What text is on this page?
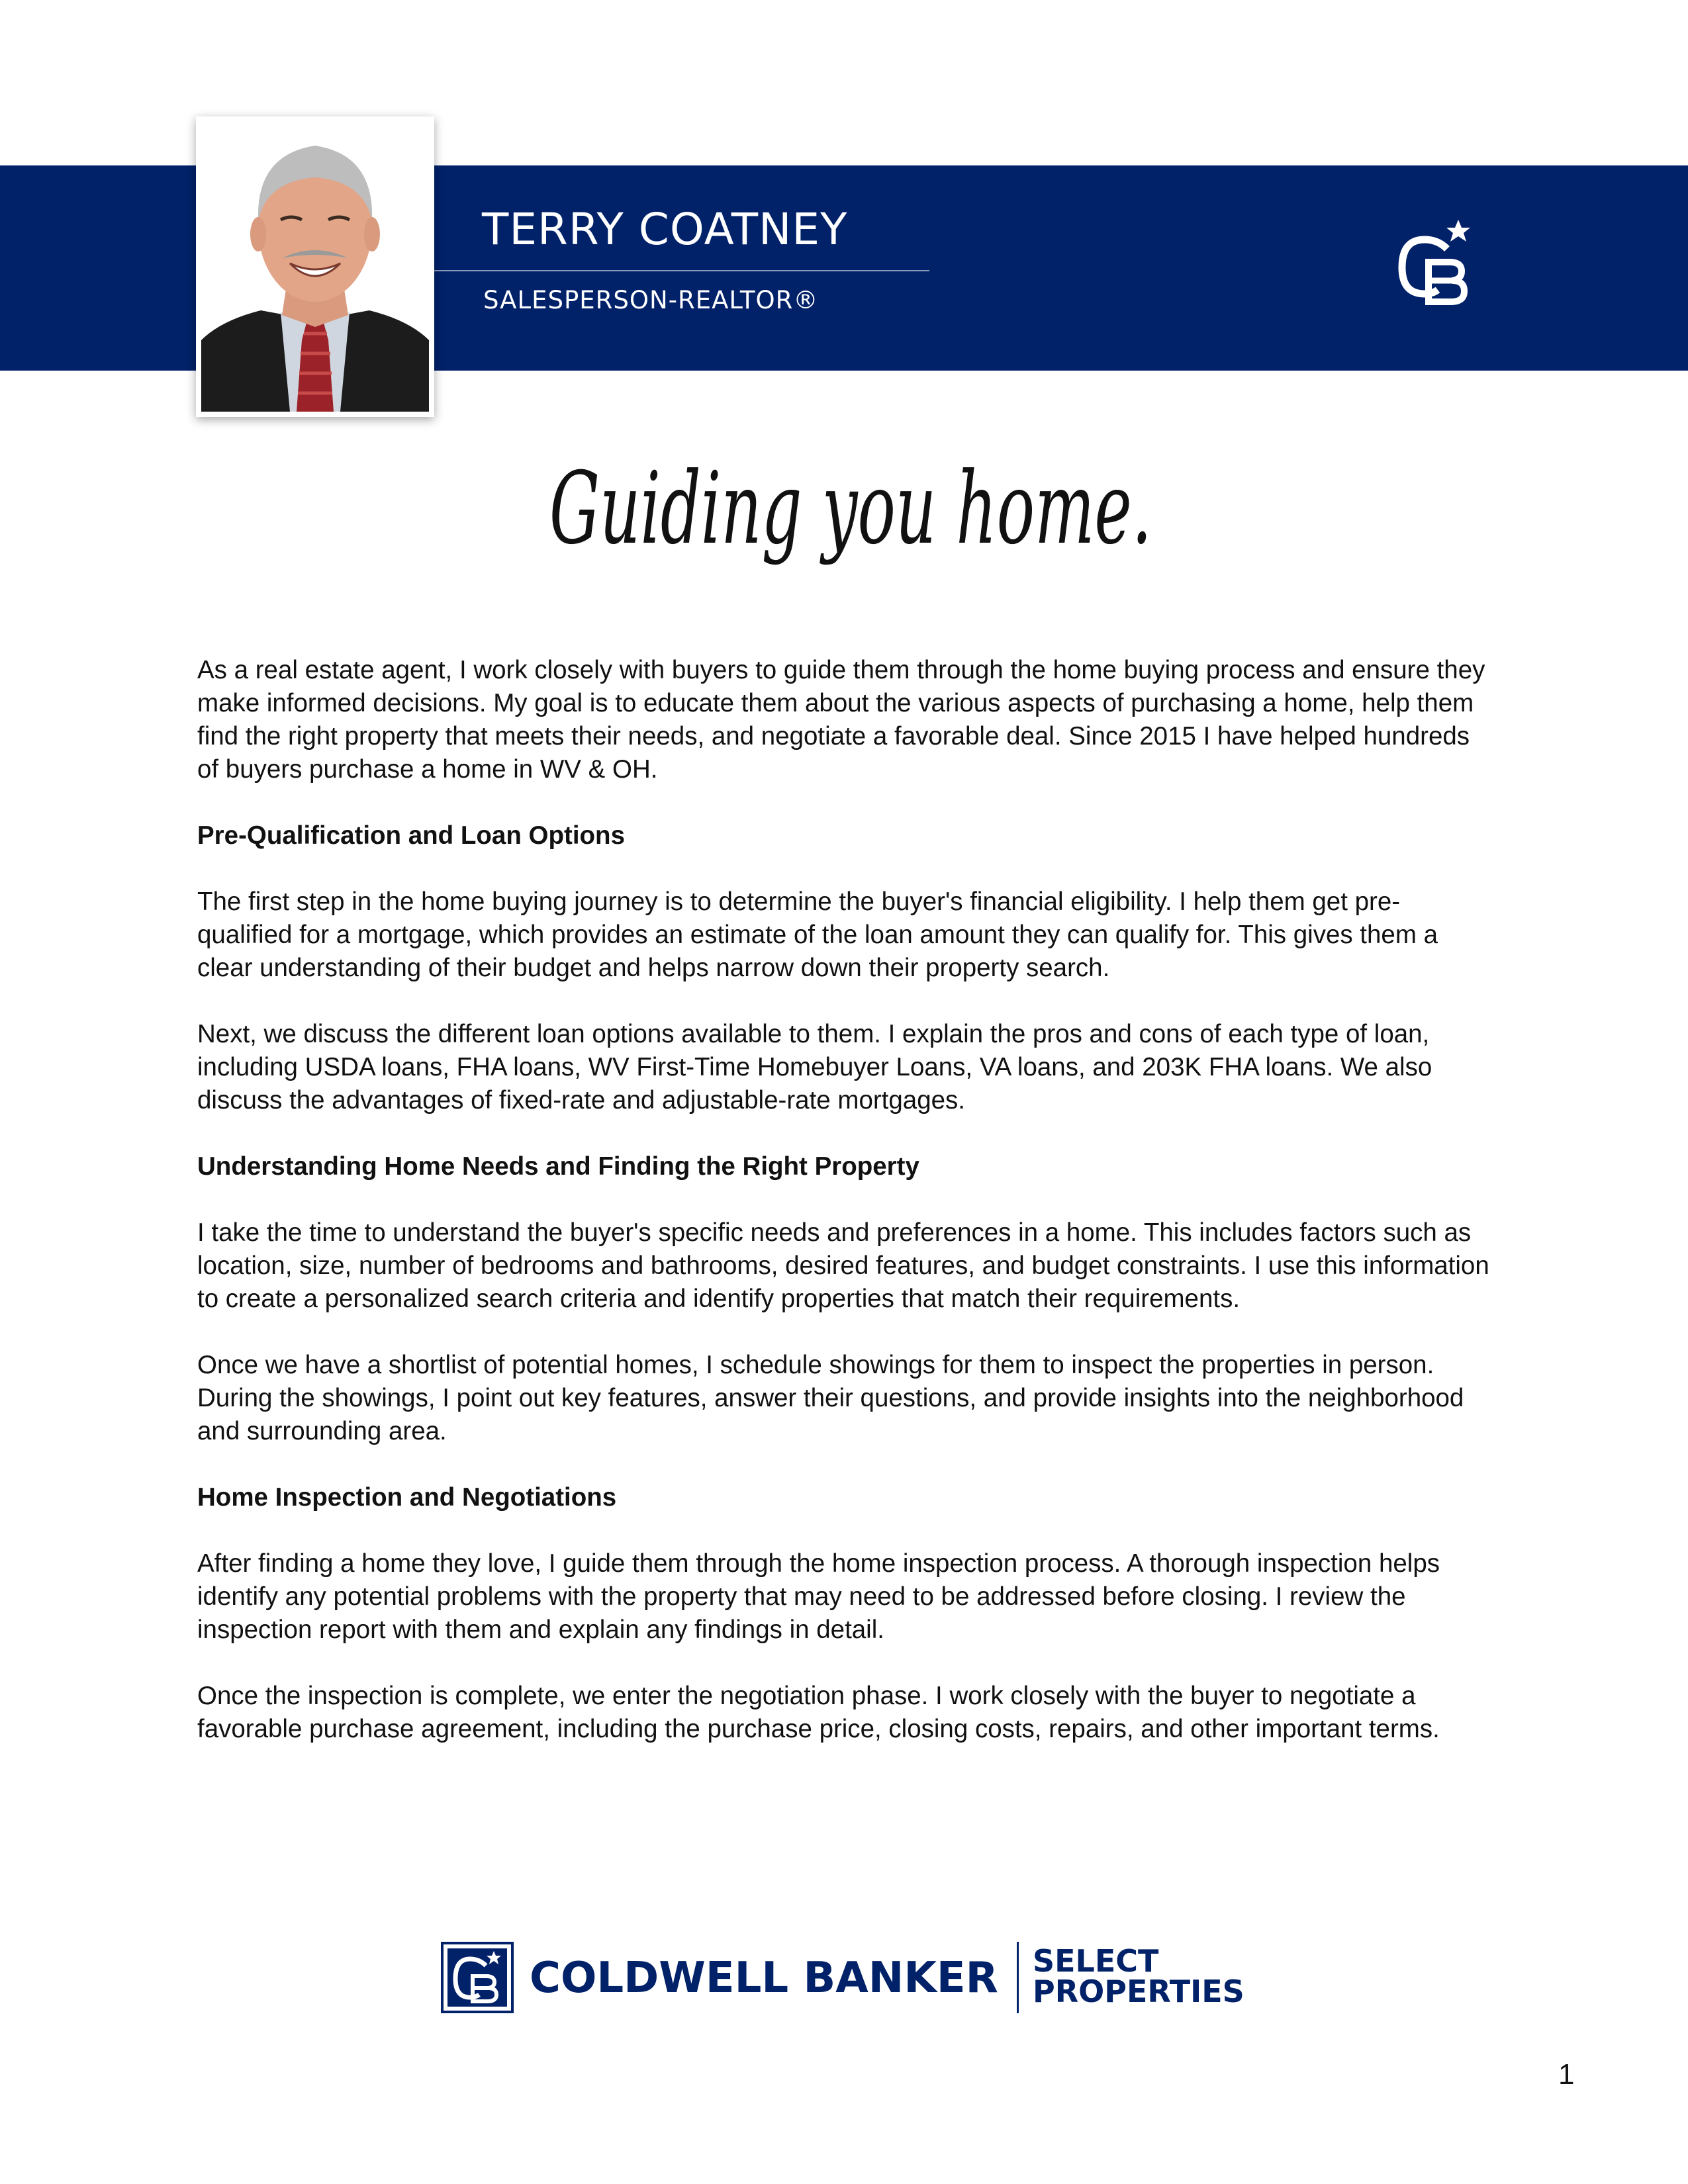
TERRY COATNEY
SALESPERSON-REALTOR®
Guiding you home.

As a real estate agent, I work closely with buyers to guide them through the home buying process and ensure they make informed decisions. My goal is to educate them about the various aspects of purchasing a home, help them find the right property that meets their needs, and negotiate a favorable deal. Since 2015 I have helped hundreds of buyers purchase a home in WV & OH.

Pre-Qualification and Loan Options

The first step in the home buying journey is to determine the buyer's financial eligibility. I help them get pre-qualified for a mortgage, which provides an estimate of the loan amount they can qualify for. This gives them a clear understanding of their budget and helps narrow down their property search.

Next, we discuss the different loan options available to them. I explain the pros and cons of each type of loan, including USDA loans, FHA loans, WV First-Time Homebuyer Loans, VA loans, and 203K FHA loans. We also discuss the advantages of fixed-rate and adjustable-rate mortgages.

Understanding Home Needs and Finding the Right Property

I take the time to understand the buyer's specific needs and preferences in a home. This includes factors such as location, size, number of bedrooms and bathrooms, desired features, and budget constraints. I use this information to create a personalized search criteria and identify properties that match their requirements.

Once we have a shortlist of potential homes, I schedule showings for them to inspect the properties in person. During the showings, I point out key features, answer their questions, and provide insights into the neighborhood and surrounding area.

Home Inspection and Negotiations

After finding a home they love, I guide them through the home inspection process. A thorough inspection helps identify any potential problems with the property that may need to be addressed before closing. I review the inspection report with them and explain any findings in detail.

Once the inspection is complete, we enter the negotiation phase. I work closely with the buyer to negotiate a favorable purchase agreement, including the purchase price, closing costs, repairs, and other important terms.

COLDWELL BANKER SELECT
PROPERTIES
1
